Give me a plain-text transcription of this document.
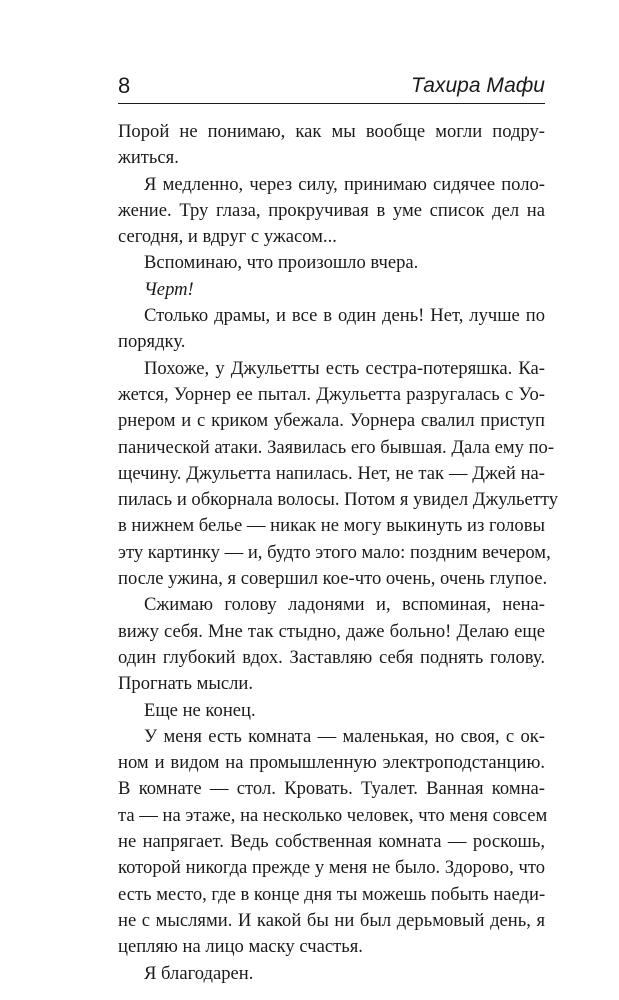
8	Тахира Мафи
Порой не понимаю, как мы вообще могли подру-
житься.
Я медленно, через силу, принимаю сидячее поло-
жение. Тру глаза, прокручивая в уме список дел на
сегодня, и вдруг с ужасом...
Вспоминаю, что произошло вчера.
Черт!
Столько драмы, и все в один день! Нет, лучше по
порядку.
Похоже, у Джульетты есть сестра-потеряшка. Ка-
жется, Уорнер ее пытал. Джульетта разругалась с Уо-
рнером и с криком убежала. Уорнера свалил приступ
панической атаки. Заявилась его бывшая. Дала ему по-
щечину. Джульетта напилась. Нет, не так — Джей на-
пилась и обкорнала волосы. Потом я увидел Джульетту
в нижнем белье — никак не могу выкинуть из головы
эту картинку — и, будто этого мало: поздним вечером,
после ужина, я совершил кое-что очень, очень глупое.
Сжимаю голову ладонями и, вспоминая, нена-
вижу себя. Мне так стыдно, даже больно! Делаю еще
один глубокий вдох. Заставляю себя поднять голову.
Прогнать мысли.
Еще не конец.
У меня есть комната — маленькая, но своя, с ок-
ном и видом на промышленную электроподстанцию.
В комнате — стол. Кровать. Туалет. Ванная комна-
та — на этаже, на несколько человек, что меня совсем
не напрягает. Ведь собственная комната — роскошь,
которой никогда прежде у меня не было. Здорово, что
есть место, где в конце дня ты можешь побыть наеди-
не с мыслями. И какой бы ни был дерьмовый день, я
цепляю на лицо маску счастья.
Я благодарен.
